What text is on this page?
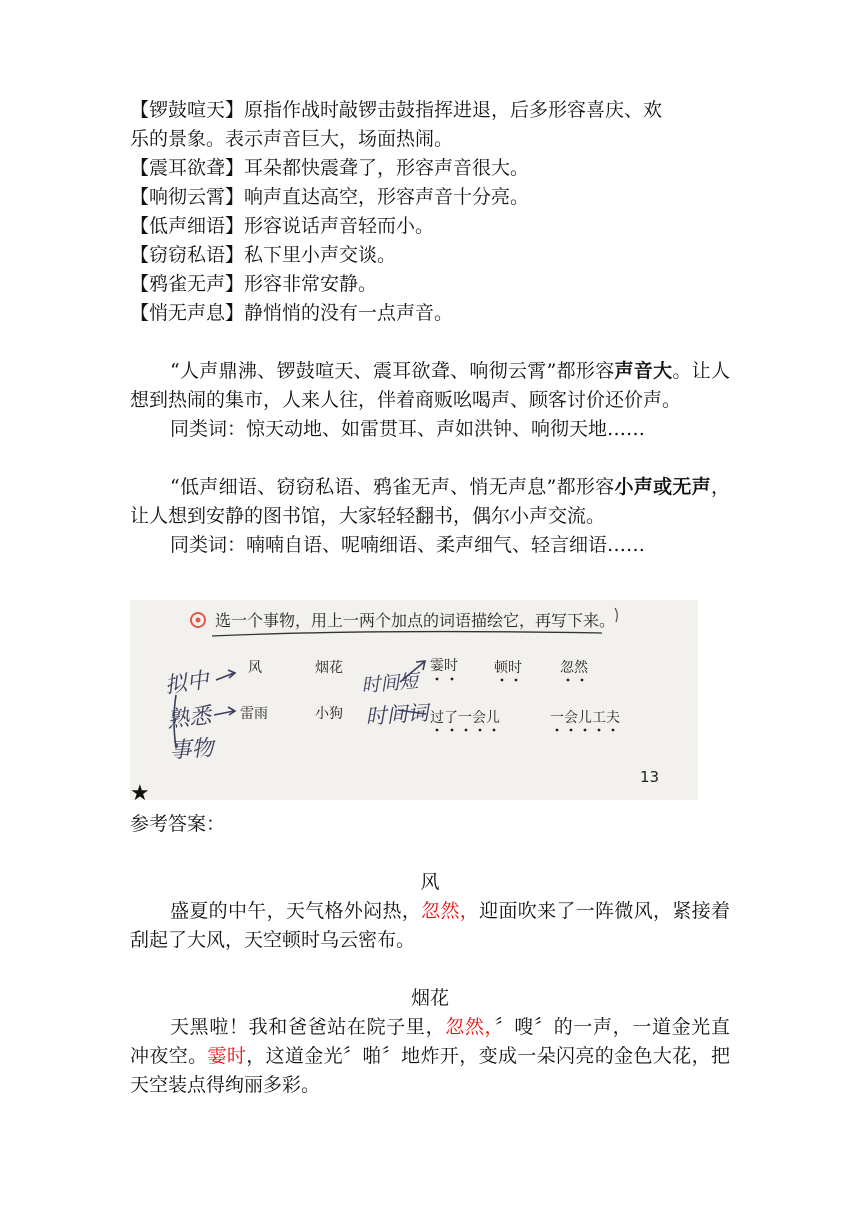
【锣鼓喧天】原指作战时敲锣击鼓指挥进退，后多形容喜庆、欢
乐的景象。表示声音巨大，场面热闹。
【震耳欲聋】耳朵都快震聋了，形容声音很大。
【响彻云霄】响声直达高空，形容声音十分亮。
【低声细语】形容说话声音轻而小。
【窃窃私语】私下里小声交谈。
【鸦雀无声】形容非常安静。
【悄无声息】静悄悄的没有一点声音。
“人声鼎沸、锣鼓喧天、震耳欲聋、响彻云霄”都形容声音大。让人想到热闹的集市，人来人往，伴着商贩吆喝声、顾客讨价还价声。
同类词：惊天动地、如雷贯耳、声如洪钟、响彻天地……
“低声细语、窃窃私语、鸦雀无声、悄无声息”都形容小声或无声，让人想到安静的图书馆，大家轻轻翻书，偶尔小声交流。
同类词：喃喃自语、呢喃细语、柔声细气、轻言细语……
选一个事物，用上一两个加点的词语描绘它，再写下来。
风	烟花	霎时	顿时	忽然
雷雨	小狗	过了一会儿	一会儿工夫
拟中
熟悉
事物
时间短
时间词
13
★
参考答案：
风
盛夏的中午，天气格外闷热，忽然，迎面吹来了一阵微风，紧接着刮起了大风，天空顿时乌云密布。
烟花
天黑啦！我和爸爸站在院子里，忽然，〞嗖〞的一声，一道金光直冲夜空。霎时，这道金光〞啪〞地炸开，变成一朵闪亮的金色大花，把天空装点得绚丽多彩。
